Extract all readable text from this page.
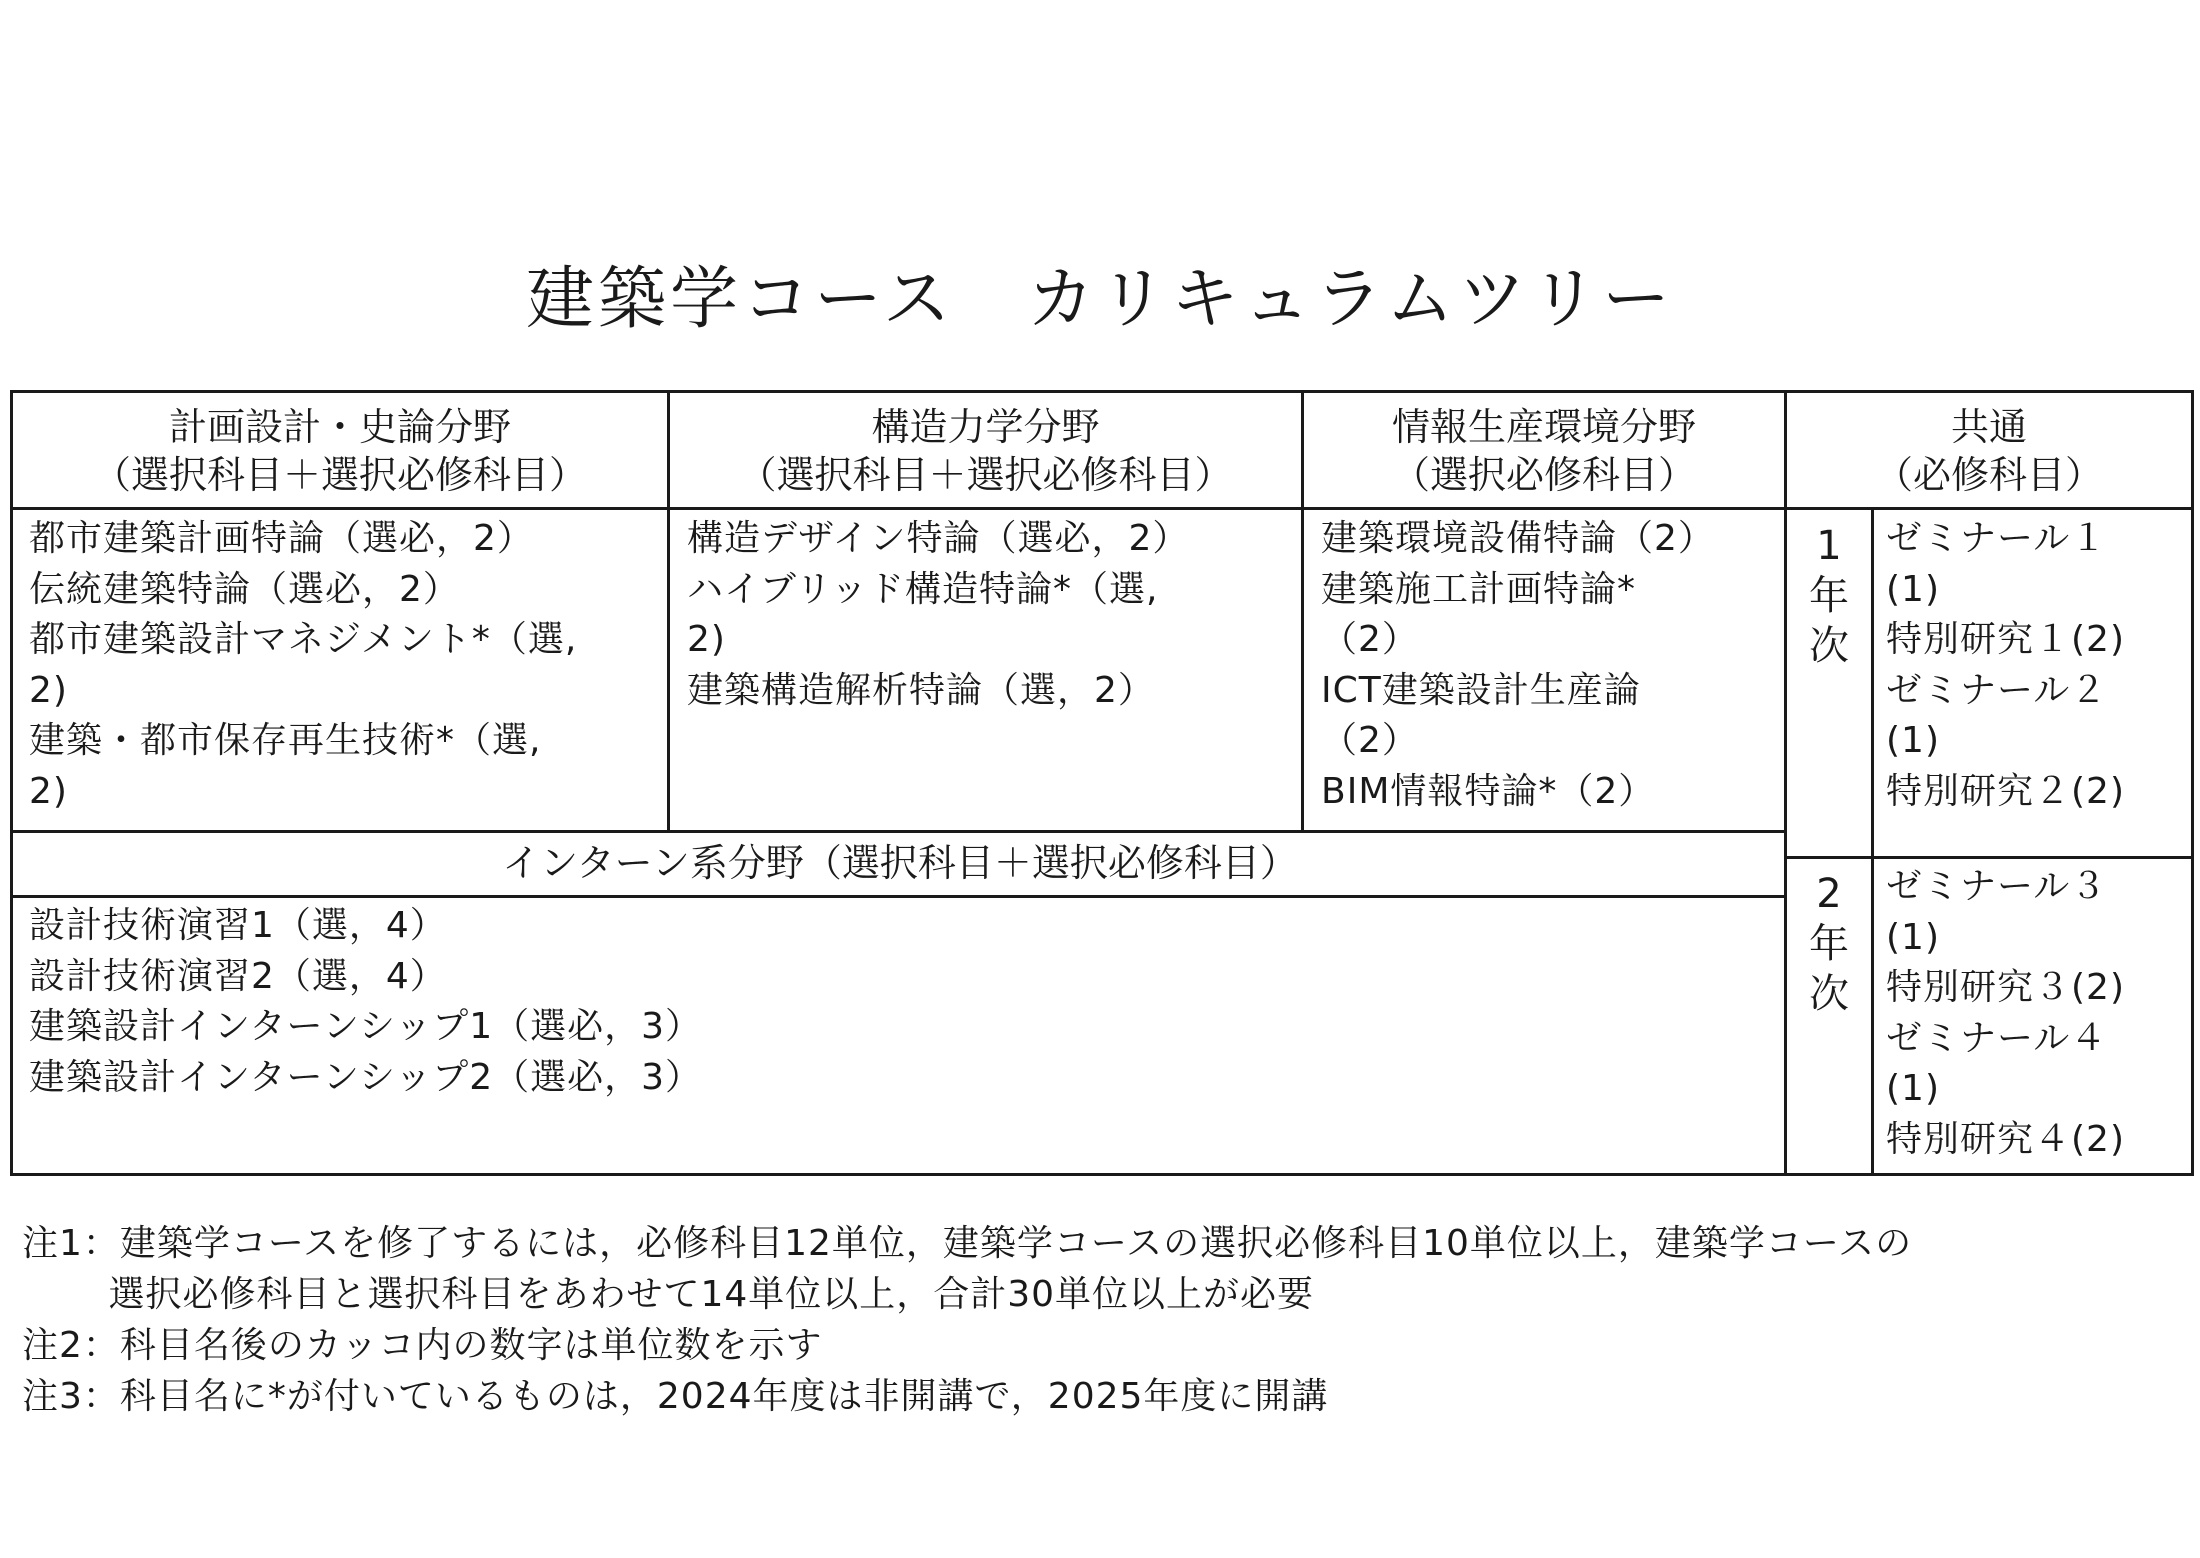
建築学コース　カリキュラムツリー
計画設計・史論分野
（選択科目＋選択必修科目）
構造力学分野
（選択科目＋選択必修科目）
情報生産環境分野
（選択必修科目）
共通
（必修科目）
都市建築計画特論（選必，2）
伝統建築特論（選必，2）
都市建築設計マネジメント*（選,
2)
建築・都市保存再生技術*（選,
2)
構造デザイン特論（選必，2）
ハイブリッド構造特論*（選,
2)
建築構造解析特論（選，2）
建築環境設備特論（2）
建築施工計画特論*
（2）
ICT建築設計生産論
（2）
BIM情報特論*（2）
インターン系分野（選択科目＋選択必修科目）
設計技術演習1（選，4）
設計技術演習2（選，4）
建築設計インターンシップ1（選必，3）
建築設計インターンシップ2（選必，3）
1
年
次
ゼミナール１
(1)
特別研究１(2)
ゼミナール２
(1)
特別研究２(2)
2
年
次
ゼミナール３
(1)
特別研究３(2)
ゼミナール４
(1)
特別研究４(2)
注1：建築学コースを修了するには，必修科目12単位，建築学コースの選択必修科目10単位以上，建築学コースの
　　 選択必修科目と選択科目をあわせて14単位以上，合計30単位以上が必要
注2：科目名後のカッコ内の数字は単位数を示す
注3：科目名に*が付いているものは，2024年度は非開講で，2025年度に開講
